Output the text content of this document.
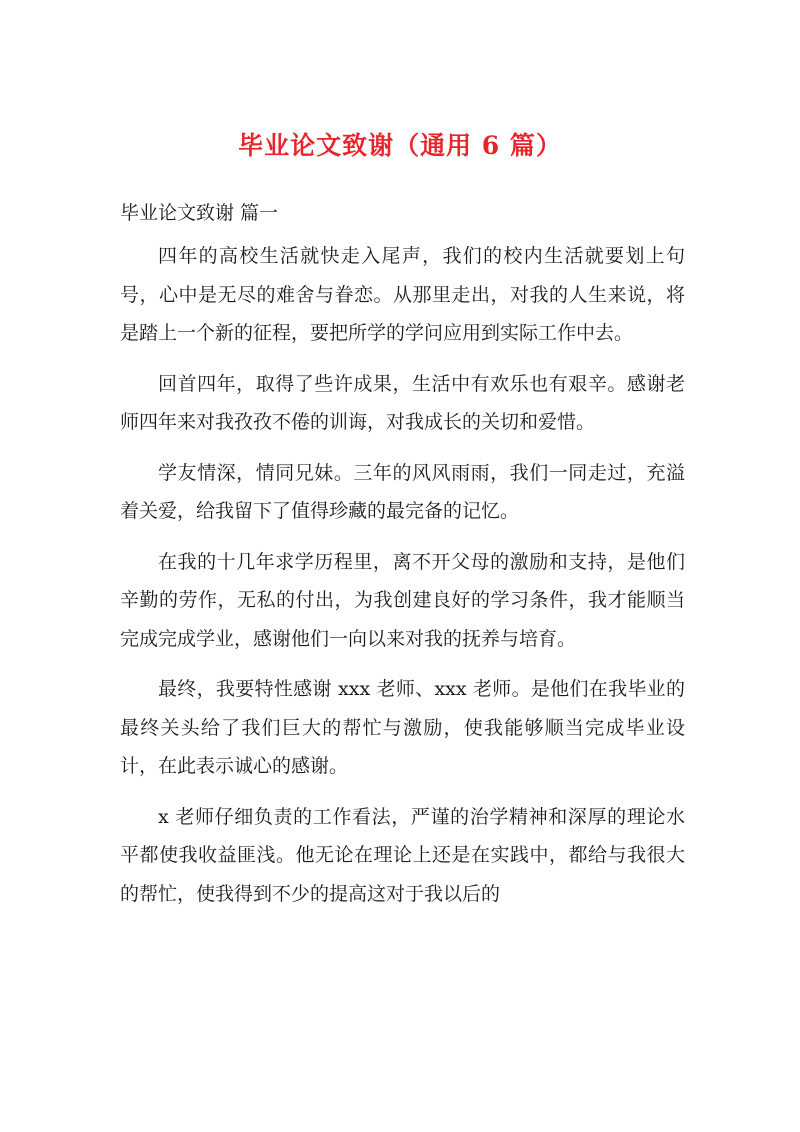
毕业论文致谢（通用 6 篇）
毕业论文致谢 篇一

四年的高校生活就快走入尾声，我们的校内生活就要划上句号，心中是无尽的难舍与眷恋。从那里走出，对我的人生来说，将是踏上一个新的征程，要把所学的学问应用到实际工作中去。

回首四年，取得了些许成果，生活中有欢乐也有艰辛。感谢老师四年来对我孜孜不倦的训诲，对我成长的关切和爱惜。

学友情深，情同兄妹。三年的风风雨雨，我们一同走过，充溢着关爱，给我留下了值得珍藏的最完备的记忆。

在我的十几年求学历程里，离不开父母的激励和支持，是他们辛勤的劳作，无私的付出，为我创建良好的学习条件，我才能顺当完成完成学业，感谢他们一向以来对我的抚养与培育。

最终，我要特性感谢 xxx 老师、xxx 老师。是他们在我毕业的最终关头给了我们巨大的帮忙与激励，使我能够顺当完成毕业设计，在此表示诚心的感谢。

x 老师仔细负责的工作看法，严谨的治学精神和深厚的理论水平都使我收益匪浅。他无论在理论上还是在实践中，都给与我很大的帮忙，使我得到不少的提高这对于我以后的
